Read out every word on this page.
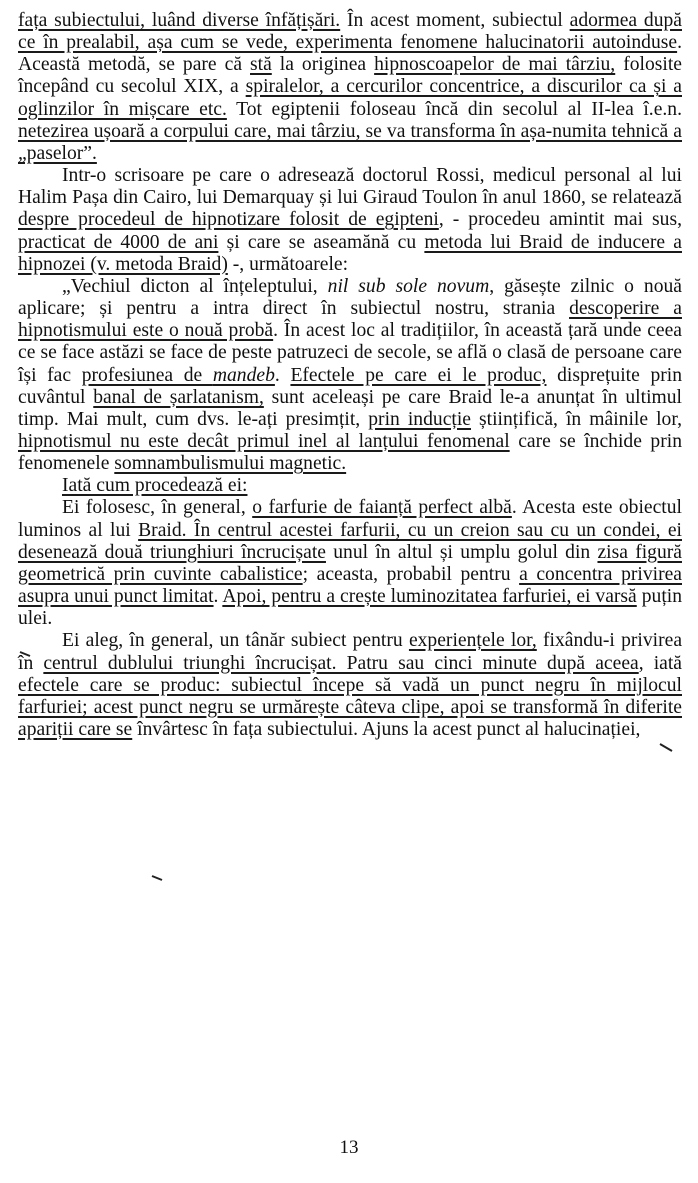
fața subiectului, luând diverse înfățișări. În acest moment, subiectul adormea după ce în prealabil, așa cum se vede, experimenta fenomene halucinatorii autoinduse. Această metodă, se pare că stă la originea hipnoscoapelor de mai târziu, folosite începând cu secolul XIX, a spiralelor, a cercurilor concentrice, a discurilor ca și a oglinzilor în mișcare etc. Tot egiptenii foloseau încă din secolul al II-lea î.e.n. netezirea ușoară a corpului care, mai târziu, se va transforma în așa-numita tehnică a „paselor”.

Intr-o scrisoare pe care o adresează doctorul Rossi, medicul personal al lui Halim Pașa din Cairo, lui Demarquay și lui Giraud Toulon în anul 1860, se relatează despre procedeul de hipnotizare folosit de egipteni, - procedeu amintit mai sus, practicat de 4000 de ani și care se aseamănă cu metoda lui Braid de inducere a hipnozei (v. metoda Braid) -, următoarele:

„Vechiul dicton al înțeleptului, nil sub sole novum, găsește zilnic o nouă aplicare; și pentru a intra direct în subiectul nostru, strania descoperire a hipnotismului este o nouă probă. În acest loc al tradițiilor, în această țară unde ceea ce se face astăzi se face de peste patruzeci de secole, se află o clasă de persoane care își fac profesiunea de mandeb. Efectele pe care ei le produc, disprețuite prin cuvântul banal de șarlatanism, sunt aceleași pe care Braid le-a anunțat în ultimul timp. Mai mult, cum dvs. le-ați presimțit, prin inducție științifică, în mâinile lor, hipnotismul nu este decât primul inel al lanțului fenomenal care se închide prin fenomenele somnambulismului magnetic.

Iată cum procedează ei:

Ei folosesc, în general, o farfurie de faianță perfect albă. Acesta este obiectul luminos al lui Braid. În centrul acestei farfurii, cu un creion sau cu un condei, ei desenează două triunghiuri încrucișate unul în altul și umplu golul din zisa figură geometrică prin cuvinte cabalistice; aceasta, probabil pentru a concentra privirea asupra unui punct limitat. Apoi, pentru a crește luminozitatea farfuriei, ei varsă puțin ulei.

Ei aleg, în general, un tânăr subiect pentru experiențele lor, fixându-i privirea în centrul dublului triunghi încrucișat. Patru sau cinci minute după aceea, iată efectele care se produc: subiectul începe să vadă un punct negru în mijlocul farfuriei; acest punct negru se urmărește câteva clipe, apoi se transformă în diferite apariții care se învârtesc în fața subiectului. Ajuns la acest punct al halucinației,

13
